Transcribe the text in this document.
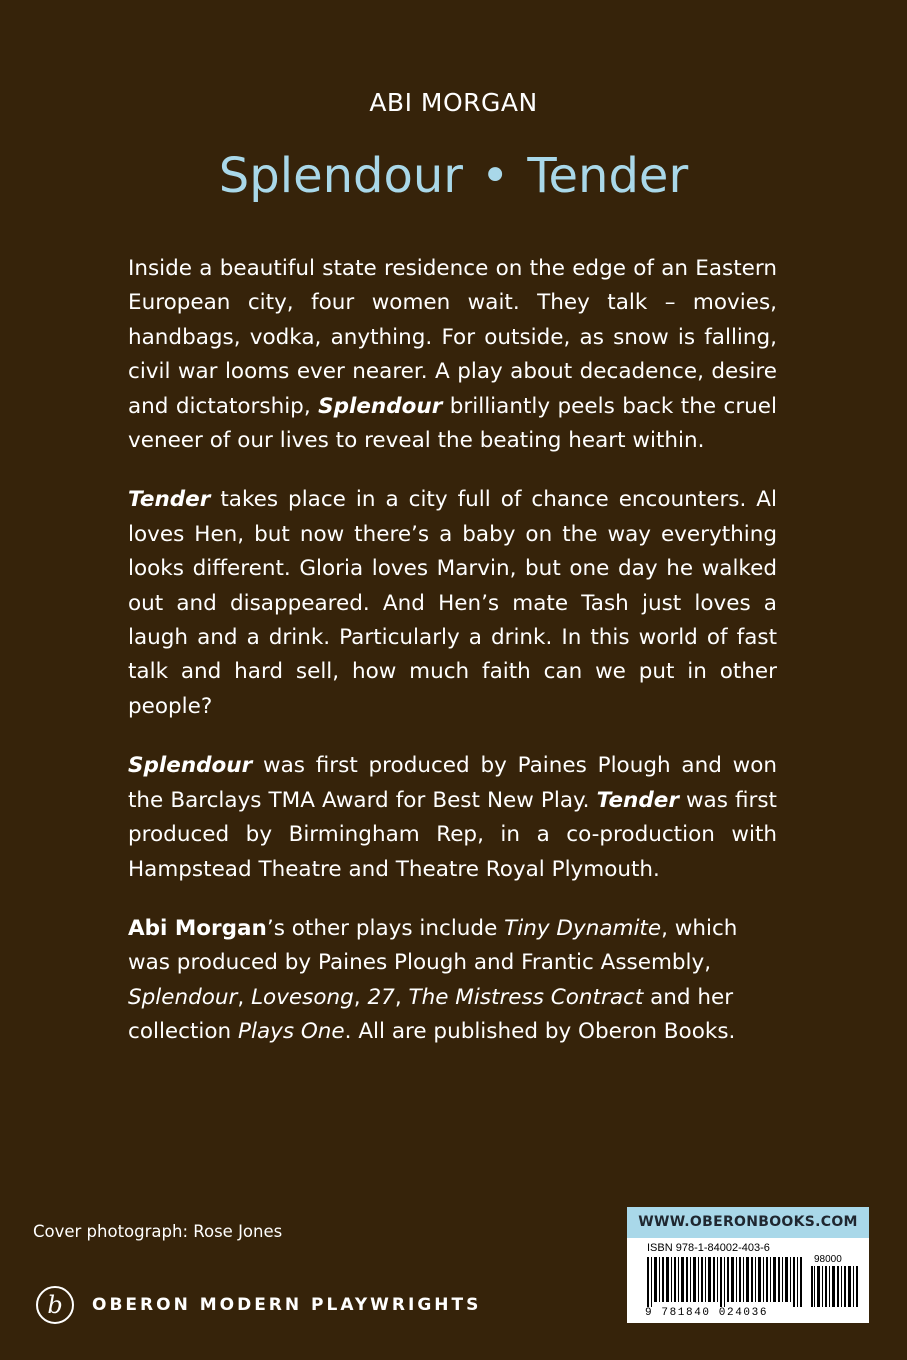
ABI MORGAN
Splendour • Tender

Inside a beautiful state residence on the edge of an Eastern European city, four women wait. They talk – movies, handbags, vodka, anything. For outside, as snow is falling, civil war looms ever nearer. A play about decadence, desire and dictatorship, Splendour brilliantly peels back the cruel veneer of our lives to reveal the beating heart within.

Tender takes place in a city full of chance encounters. Al loves Hen, but now there’s a baby on the way everything looks different. Gloria loves Marvin, but one day he walked out and disappeared. And Hen’s mate Tash just loves a laugh and a drink. Particularly a drink. In this world of fast talk and hard sell, how much faith can we put in other people?

Splendour was first produced by Paines Plough and won the Barclays TMA Award for Best New Play. Tender was first produced by Birmingham Rep, in a co-production with Hampstead Theatre and Theatre Royal Plymouth.

Abi Morgan’s other plays include Tiny Dynamite, which was produced by Paines Plough and Frantic Assembly, Splendour, Lovesong, 27, The Mistress Contract and her collection Plays One. All are published by Oberon Books.

Cover photograph: Rose Jones
b OBERON MODERN PLAYWRIGHTS
WWW.OBERONBOOKS.COM
ISBN 978-1-84002-403-6
98000
9 781840 024036
